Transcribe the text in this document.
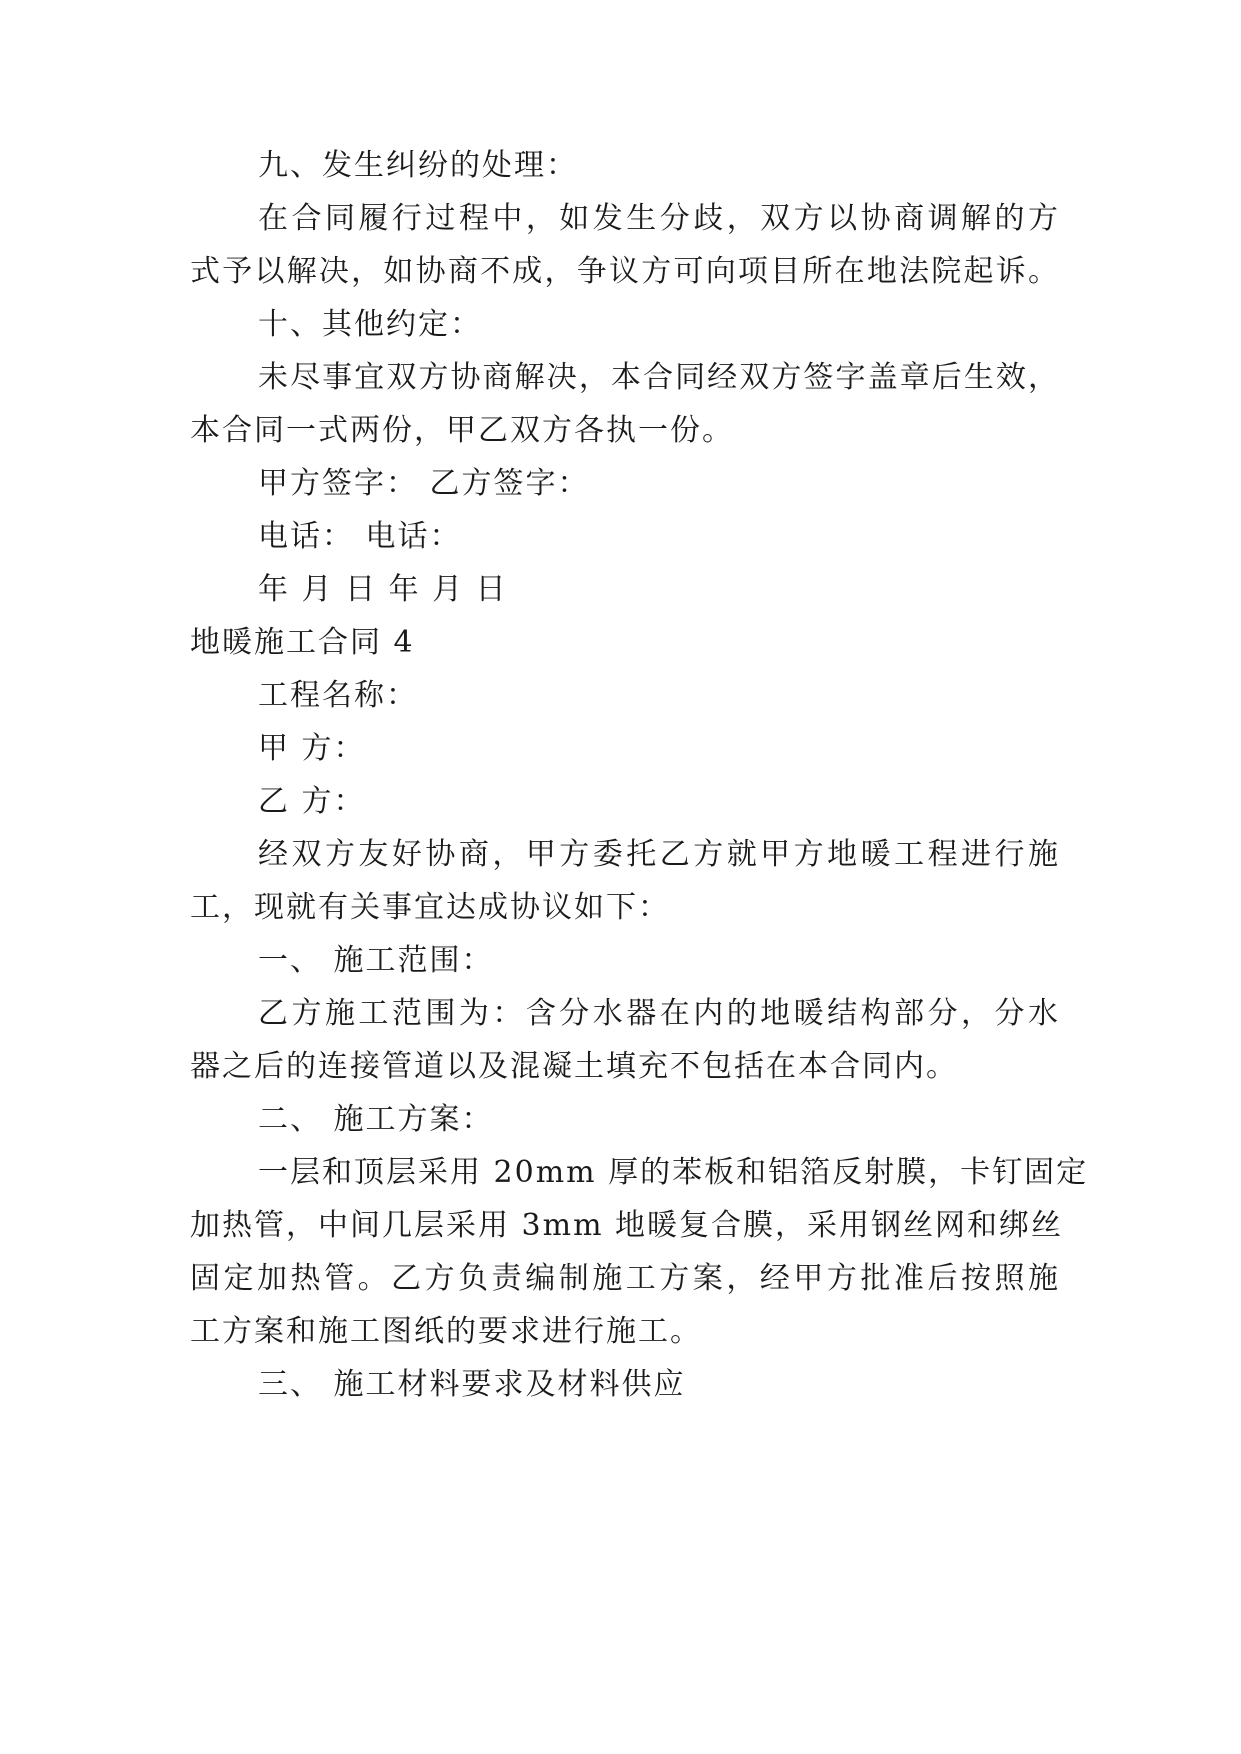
九、发生纠纷的处理：
在合同履行过程中，如发生分歧，双方以协商调解的方
式予以解决，如协商不成，争议方可向项目所在地法院起诉。
十、其他约定：
未尽事宜双方协商解决，本合同经双方签字盖章后生效，
本合同一式两份，甲乙双方各执一份。
甲方签字： 乙方签字：
电话： 电话：
年 月 日 年 月 日
地暖施工合同 4
工程名称：
甲 方：
乙 方：
经双方友好协商，甲方委托乙方就甲方地暖工程进行施
工，现就有关事宜达成协议如下：
一、 施工范围：
乙方施工范围为：含分水器在内的地暖结构部分，分水
器之后的连接管道以及混凝土填充不包括在本合同内。
二、 施工方案：
一层和顶层采用 20mm 厚的苯板和铝箔反射膜，卡钉固定
加热管，中间几层采用 3mm 地暖复合膜，采用钢丝网和绑丝
固定加热管。乙方负责编制施工方案，经甲方批准后按照施
工方案和施工图纸的要求进行施工。
三、 施工材料要求及材料供应
